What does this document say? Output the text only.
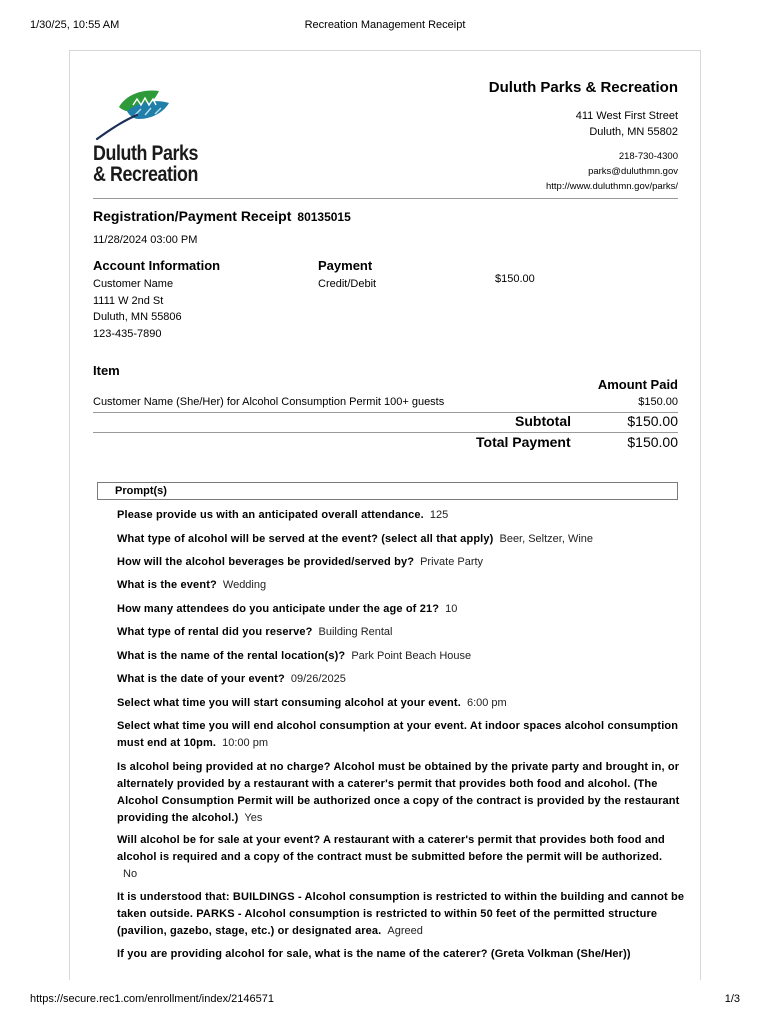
1/30/25, 10:55 AM	Recreation Management Receipt
Duluth Parks
& Recreation
Duluth Parks & Recreation
411 West First Street
Duluth, MN 55802
218-730-4300
parks@duluthmn.gov
http://www.duluthmn.gov/parks/
Registration/Payment Receipt 80135015
11/28/2024 03:00 PM
Account Information
Customer Name
1111 W 2nd St
Duluth, MN 55806
123-435-7890
Payment
Credit/Debit	$150.00
Item
Amount Paid
Customer Name (She/Her) for Alcohol Consumption Permit 100+ guests	$150.00
Subtotal	$150.00
Total Payment	$150.00
Prompt(s)
Please provide us with an anticipated overall attendance. 125
What type of alcohol will be served at the event? (select all that apply) Beer, Seltzer, Wine
How will the alcohol beverages be provided/served by? Private Party
What is the event? Wedding
How many attendees do you anticipate under the age of 21? 10
What type of rental did you reserve? Building Rental
What is the name of the rental location(s)? Park Point Beach House
What is the date of your event? 09/26/2025
Select what time you will start consuming alcohol at your event. 6:00 pm
Select what time you will end alcohol consumption at your event. At indoor spaces alcohol consumption must end at 10pm. 10:00 pm
Is alcohol being provided at no charge? Alcohol must be obtained by the private party and brought in, or alternately provided by a restaurant with a caterer's permit that provides both food and alcohol. (The Alcohol Consumption Permit will be authorized once a copy of the contract is provided by the restaurant providing the alcohol.) Yes
Will alcohol be for sale at your event? A restaurant with a caterer's permit that provides both food and alcohol is required and a copy of the contract must be submitted before the permit will be authorized.
No
It is understood that: BUILDINGS - Alcohol consumption is restricted to within the building and cannot be taken outside. PARKS - Alcohol consumption is restricted to within 50 feet of the permitted structure (pavilion, gazebo, stage, etc.) or designated area. Agreed
If you are providing alcohol for sale, what is the name of the caterer? (Greta Volkman (She/Her))
https://secure.rec1.com/enrollment/index/2146571	1/3
